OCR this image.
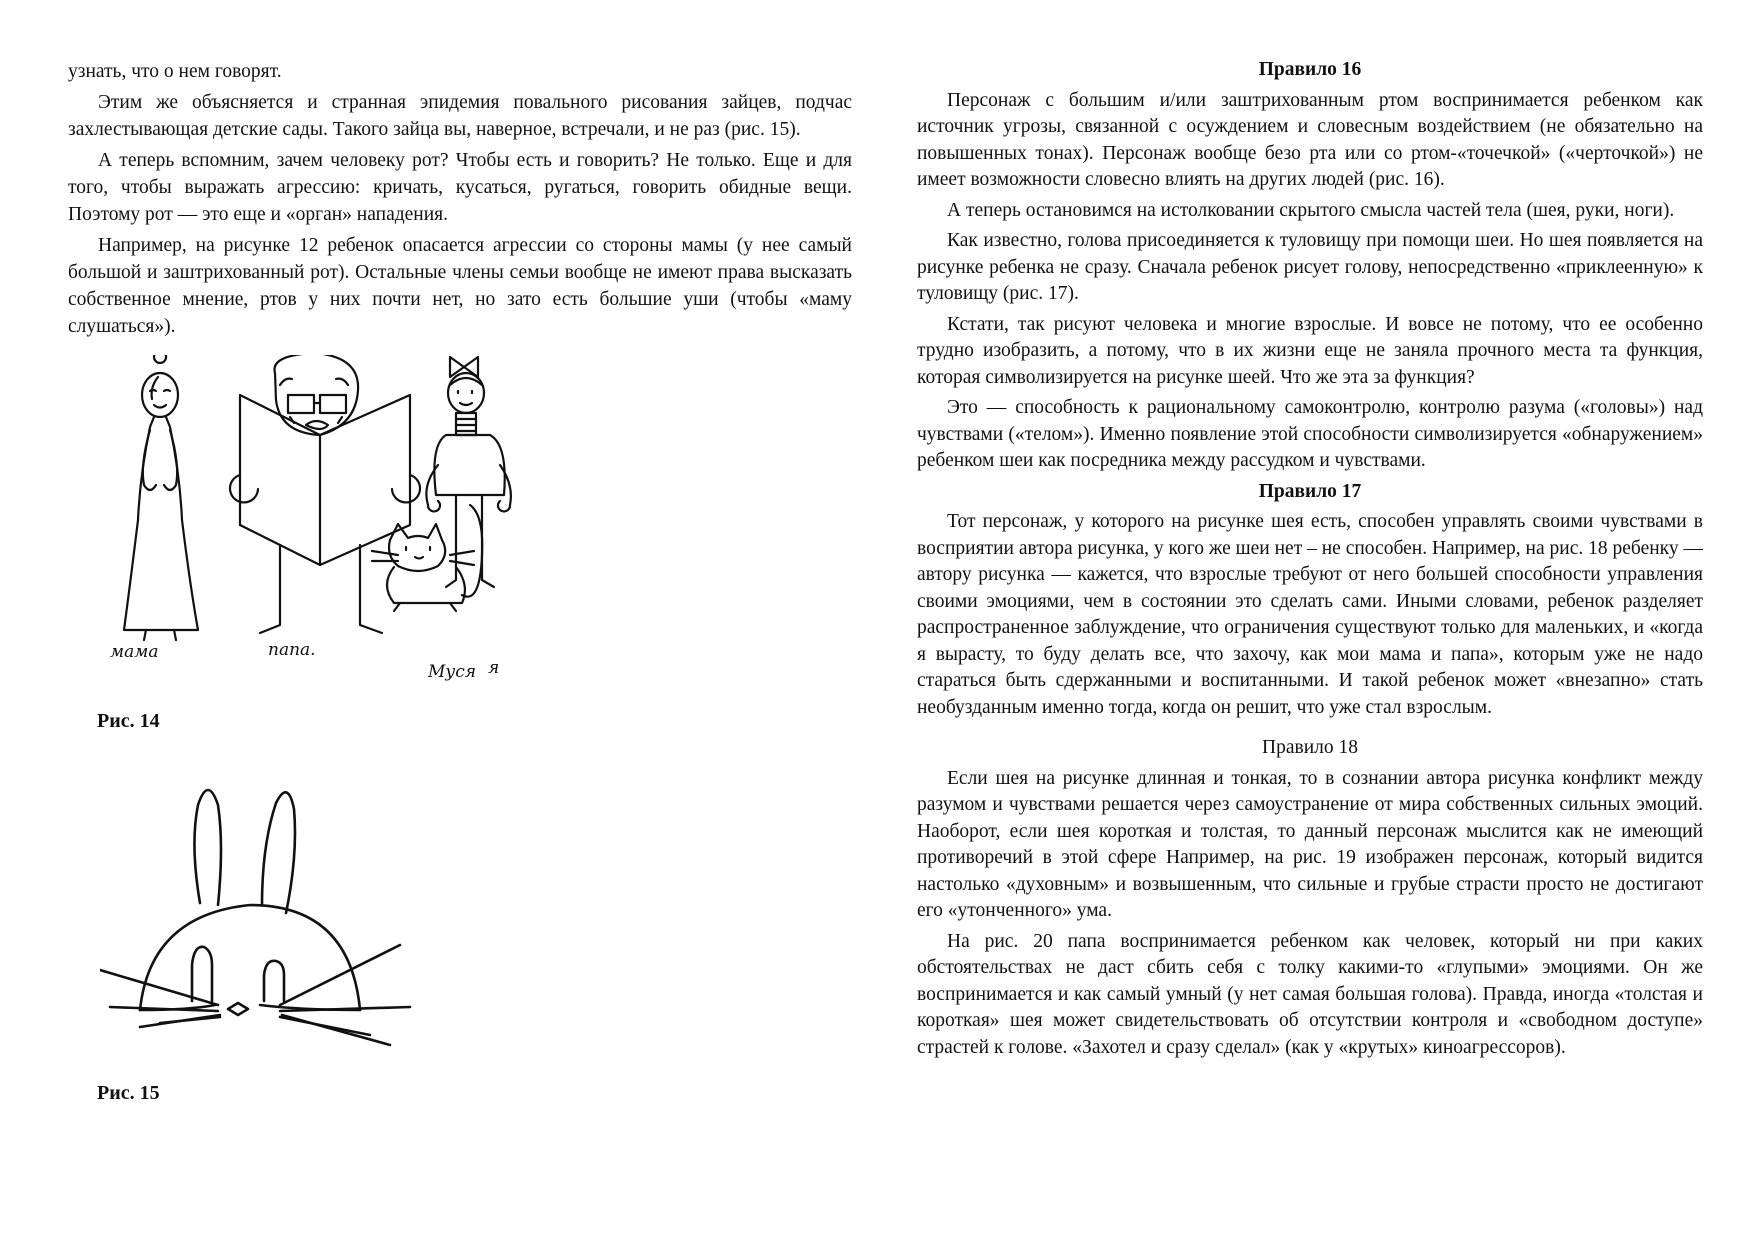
узнать, что о нем говорят.

Этим же объясняется и странная эпидемия повального рисования зайцев, подчас захлестывающая детские сады. Такого зайца вы, наверное, встречали, и не раз (рис. 15).

А теперь вспомним, зачем человеку рот? Чтобы есть и говорить? Не только. Еще и для того, чтобы выражать агрессию: кричать, кусаться, ругаться, говорить обидные вещи. Поэтому рот — это еще и «орган» нападения.

Например, на рисунке 12 ребенок опасается агрессии со стороны мамы (у нее самый большой и заштрихованный рот). Остальные члены семьи вообще не имеют права высказать собственное мнение, ртов у них почти нет, но зато есть большие уши (чтобы «маму слушаться»).

мама	папа.
Муся я
Рис. 14
Рис. 15
Правило 16

Персонаж с большим и/или заштрихованным ртом воспринимается ребенком как источник угрозы, связанной с осуждением и словесным воздействием (не обязательно на повышенных тонах). Персонаж вообще безо рта или со ртом-«точечкой» («черточкой») не имеет возможности словесно влиять на других людей (рис. 16).

А теперь остановимся на истолковании скрытого смысла частей тела (шея, руки, ноги).

Как известно, голова присоединяется к туловищу при помощи шеи. Но шея появляется на рисунке ребенка не сразу. Сначала ребенок рисует голову, непосредственно «приклеенную» к туловищу (рис. 17).

Кстати, так рисуют человека и многие взрослые. И вовсе не потому, что ее особенно трудно изобразить, а потому, что в их жизни еще не заняла прочного места та функция, которая символизируется на рисунке шеей. Что же эта за функция?

Это — способность к рациональному самоконтролю, контролю разума («головы») над чувствами («телом»). Именно появление этой способности символизируется «обнаружением» ребенком шеи как посредника между рассудком и чувствами.

Правило 17

Тот персонаж, у которого на рисунке шея есть, способен управлять своими чувствами в восприятии автора рисунка, у кого же шеи нет – не способен. Например, на рис. 18 ребенку — автору рисунка — кажется, что взрослые требуют от него большей способности управления своими эмоциями, чем в состоянии это сделать сами. Иными словами, ребенок разделяет распространенное заблуждение, что ограничения существуют только для маленьких, и «когда я вырасту, то буду делать все, что захочу, как мои мама и папа», которым уже не надо стараться быть сдержанными и воспитанными. И такой ребенок может «внезапно» стать необузданным именно тогда, когда он решит, что уже стал взрослым.

Правило 18

Если шея на рисунке длинная и тонкая, то в сознании автора рисунка конфликт между разумом и чувствами решается через самоустранение от мира собственных сильных эмоций. Наоборот, если шея короткая и толстая, то данный персонаж мыслится как не имеющий противоречий в этой сфере Например, на рис. 19 изображен персонаж, который видится настолько «духовным» и возвышенным, что сильные и грубые страсти просто не достигают его «утонченного» ума.

На рис. 20 папа воспринимается ребенком как человек, который ни при каких обстоятельствах не даст сбить себя с толку какими-то «глупыми» эмоциями. Он же воспринимается и как самый умный (у нет самая большая голова). Правда, иногда «толстая и короткая» шея может свидетельствовать об отсутствии контроля и «свободном доступе» страстей к голове. «Захотел и сразу сделал» (как у «крутых» киноагрессоров).
